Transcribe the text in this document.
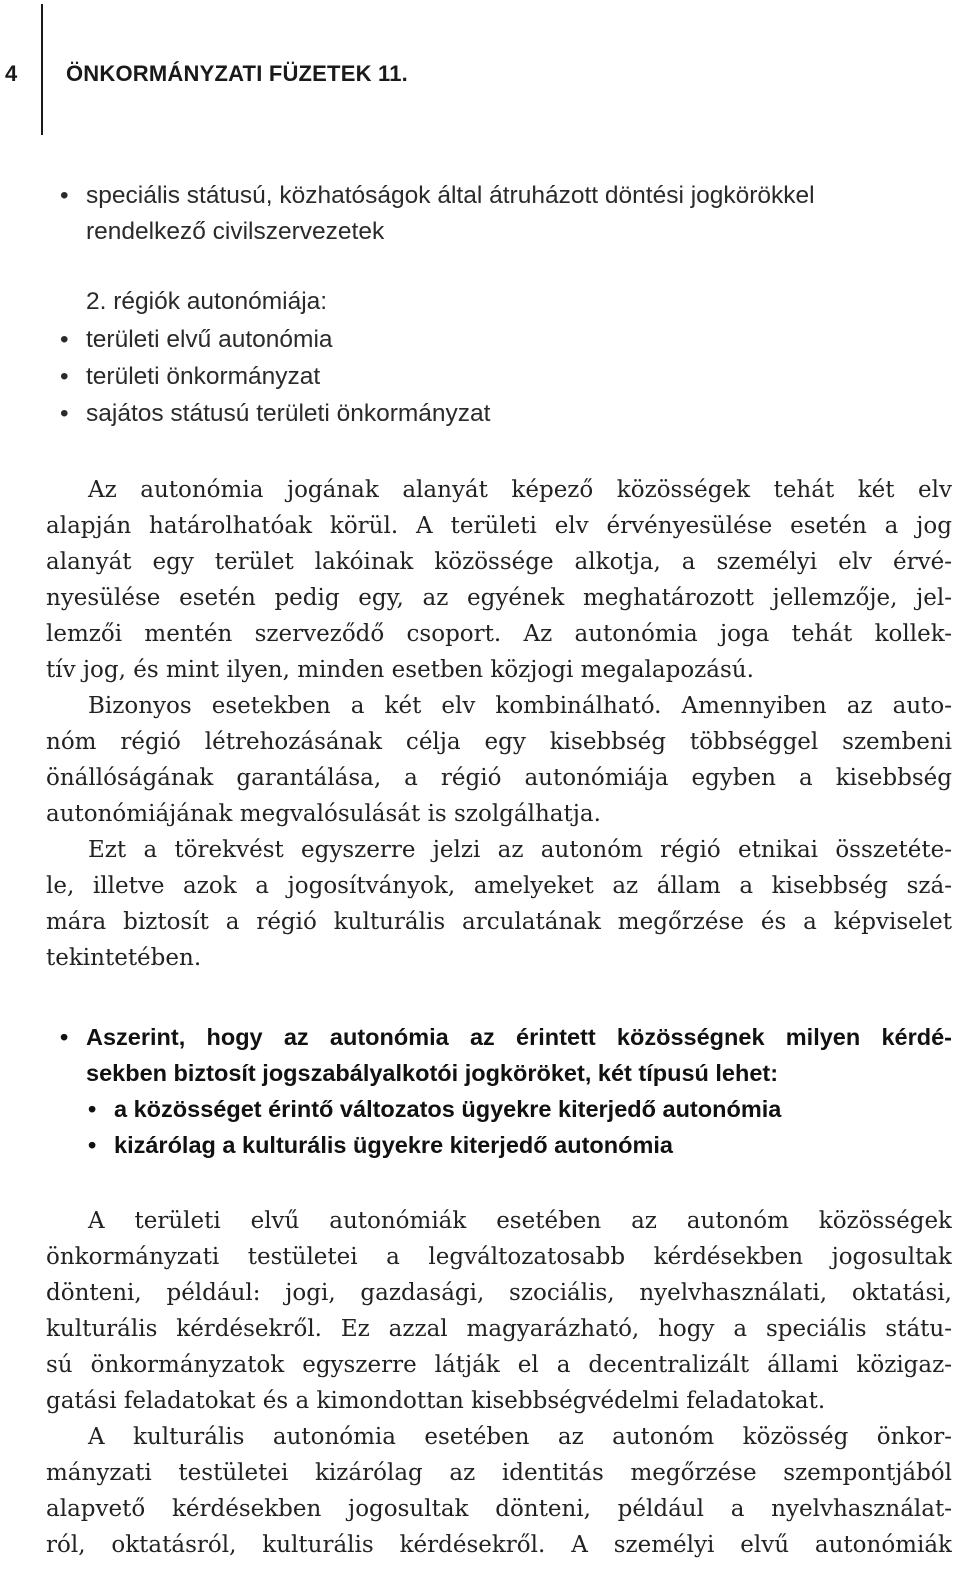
4 ÖNKORMÁNYZATI FÜZETEK 11.
• speciális státusú, közhatóságok által átruházott döntési jogkörökkel
rendelkező civilszervezetek
2. régiók autonómiája:
• területi elvű autonómia
• területi önkormányzat
• sajátos státusú területi önkormányzat
Az autonómia jogának alanyát képező közösségek tehát két elv
alapján határolhatóak körül. A területi elv érvényesülése esetén a jog
alanyát egy terület lakóinak közössége alkotja, a személyi elv érvé-
nyesülése esetén pedig egy, az egyének meghatározott jellemzője, jel-
lemzői mentén szerveződő csoport. Az autonómia joga tehát kollek-
tív jog, és mint ilyen, minden esetben közjogi megalapozású.
Bizonyos esetekben a két elv kombinálható. Amennyiben az auto-
nóm régió létrehozásának célja egy kisebbség többséggel szembeni
önállóságának garantálása, a régió autonómiája egyben a kisebbség
autonómiájának megvalósulását is szolgálhatja.
Ezt a törekvést egyszerre jelzi az autonóm régió etnikai összetéte-
le, illetve azok a jogosítványok, amelyeket az állam a kisebbség szá-
mára biztosít a régió kulturális arculatának megőrzése és a képviselet
tekintetében.
• Aszerint, hogy az autonómia az érintett közösségnek milyen kérdé-
sekben biztosít jogszabályalkotói jogköröket, két típusú lehet:
• a közösséget érintő változatos ügyekre kiterjedő autonómia
• kizárólag a kulturális ügyekre kiterjedő autonómia
A területi elvű autonómiák esetében az autonóm közösségek
önkormányzati testületei a legváltozatosabb kérdésekben jogosultak
dönteni, például: jogi, gazdasági, szociális, nyelvhasználati, oktatási,
kulturális kérdésekről. Ez azzal magyarázható, hogy a speciális státu-
sú önkormányzatok egyszerre látják el a decentralizált állami közigaz-
gatási feladatokat és a kimondottan kisebbségvédelmi feladatokat.
A kulturális autonómia esetében az autonóm közösség önkor-
mányzati testületei kizárólag az identitás megőrzése szempontjából
alapvető kérdésekben jogosultak dönteni, például a nyelvhasználat-
ról, oktatásról, kulturális kérdésekről. A személyi elvű autonómiák
